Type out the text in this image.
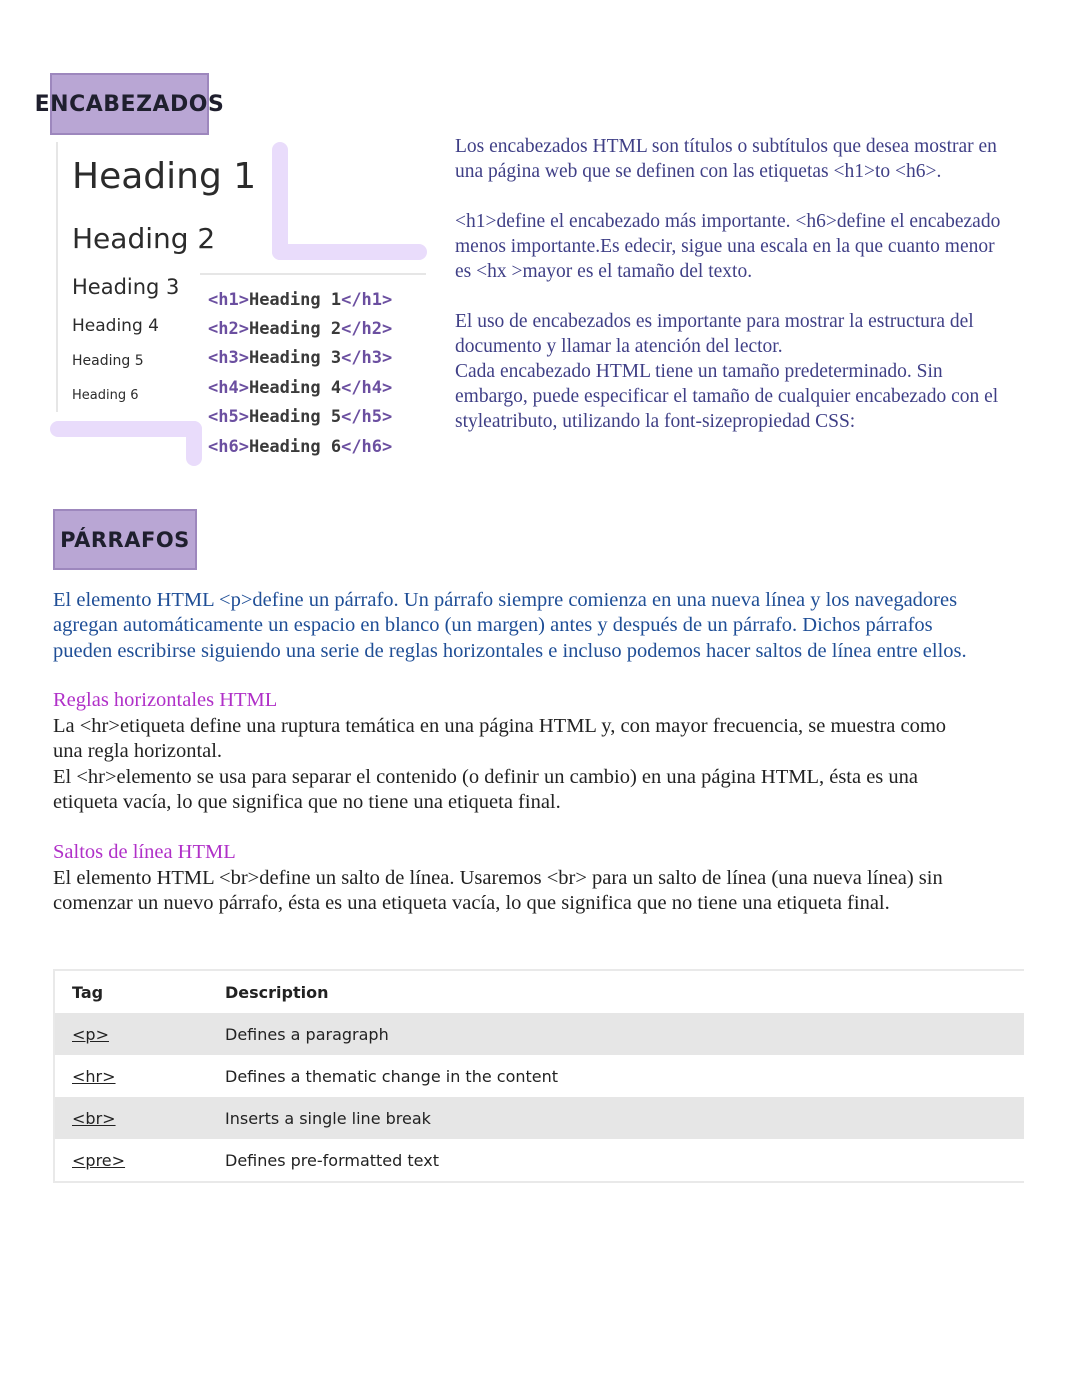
ENCABEZADOS
Heading 1
Heading 2
Heading 3
Heading 4
Heading 5
Heading 6
<h1>Heading 1</h1>
<h2>Heading 2</h2>
<h3>Heading 3</h3>
<h4>Heading 4</h4>
<h5>Heading 5</h5>
<h6>Heading 6</h6>

Los encabezados HTML son títulos o subtítulos que desea mostrar en una página web que se definen con las etiquetas <h1>to <h6>.

<h1>define el encabezado más importante. <h6>define el encabezado menos importante.Es edecir, sigue una escala en la que cuanto menor es <hx >mayor es el tamaño del texto.

El uso de encabezados es importante para mostrar la estructura del documento y llamar la atención del lector.
Cada encabezado HTML tiene un tamaño predeterminado. Sin embargo, puede especificar el tamaño de cualquier encabezado con el styleatributo, utilizando la font-sizepropiedad CSS:

PÁRRAFOS
El elemento HTML <p>define un párrafo. Un párrafo siempre comienza en una nueva línea y los navegadores
agregan automáticamente un espacio en blanco (un margen) antes y después de un párrafo. Dichos párrafos
pueden escribirse siguiendo una serie de reglas horizontales e incluso podemos hacer saltos de línea entre ellos.
Reglas horizontales HTML
La <hr>etiqueta define una ruptura temática en una página HTML y, con mayor frecuencia, se muestra como
una regla horizontal.
El <hr>elemento se usa para separar el contenido (o definir un cambio) en una página HTML, ésta es una
etiqueta vacía, lo que significa que no tiene una etiqueta final.
Saltos de línea HTML
El elemento HTML <br>define un salto de línea. Usaremos <br> para un salto de línea (una nueva línea) sin
comenzar un nuevo párrafo, ésta es una etiqueta vacía, lo que significa que no tiene una etiqueta final.
Tag	Description
<p>	Defines a paragraph
<hr>	Defines a thematic change in the content
<br>	Inserts a single line break
<pre>	Defines pre-formatted text
